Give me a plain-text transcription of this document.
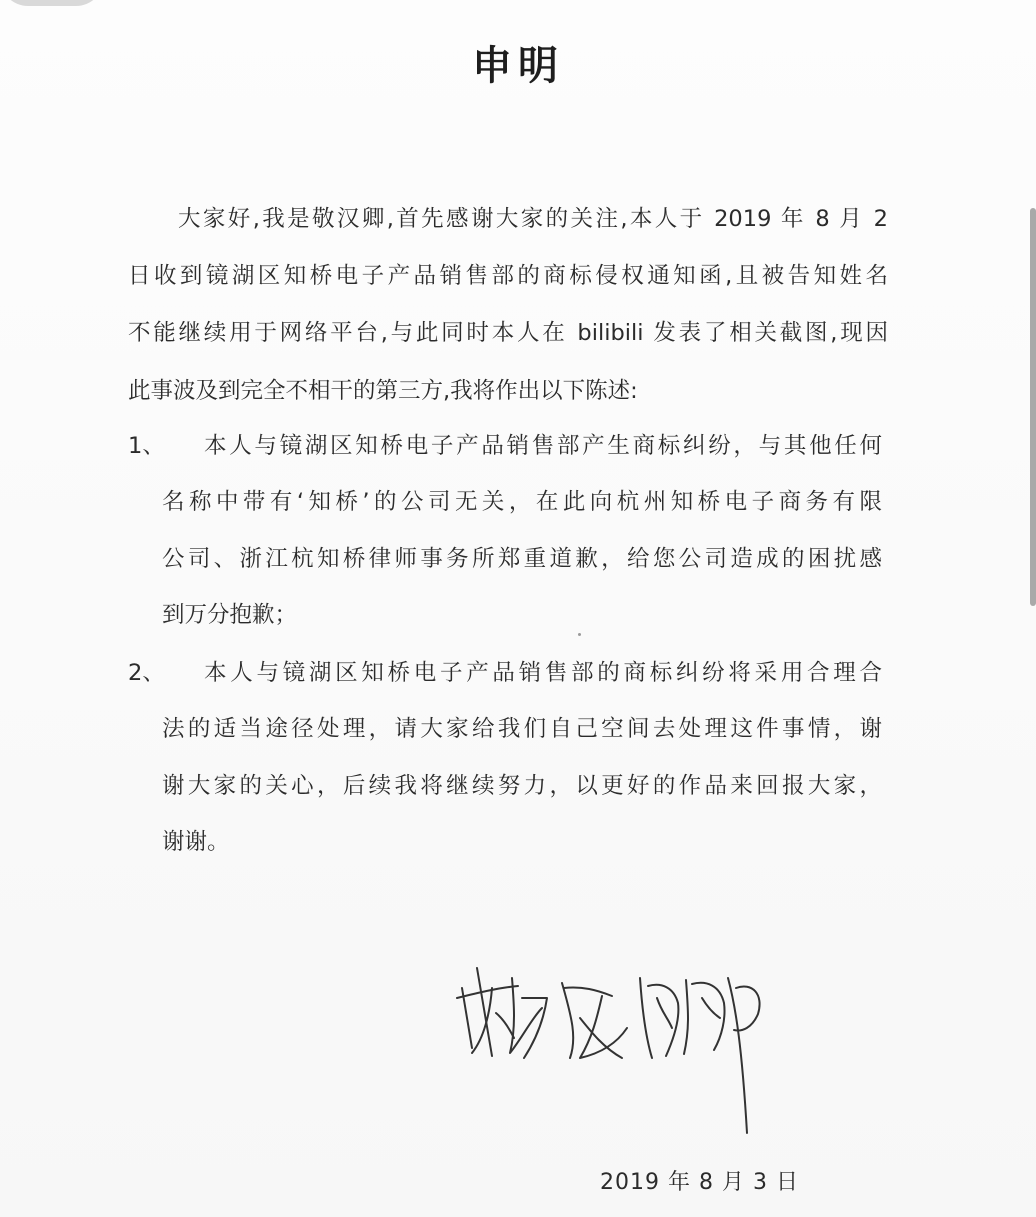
申明
大家好,我是敬汉卿,首先感谢大家的关注,本人于 2019 年 8 月 2
日收到镜湖区知桥电子产品销售部的商标侵权通知函,且被告知姓名
不能继续用于网络平台,与此同时本人在 bilibili 发表了相关截图,现因
此事波及到完全不相干的第三方,我将作出以下陈述:
1、 本人与镜湖区知桥电子产品销售部产生商标纠纷，与其他任何
名称中带有‘知桥’的公司无关，在此向杭州知桥电子商务有限
公司、浙江杭知桥律师事务所郑重道歉，给您公司造成的困扰感
到万分抱歉；
2、 本人与镜湖区知桥电子产品销售部的商标纠纷将采用合理合
法的适当途径处理，请大家给我们自己空间去处理这件事情，谢
谢大家的关心，后续我将继续努力，以更好的作品来回报大家，
谢谢。
2019 年 8 月 3 日
